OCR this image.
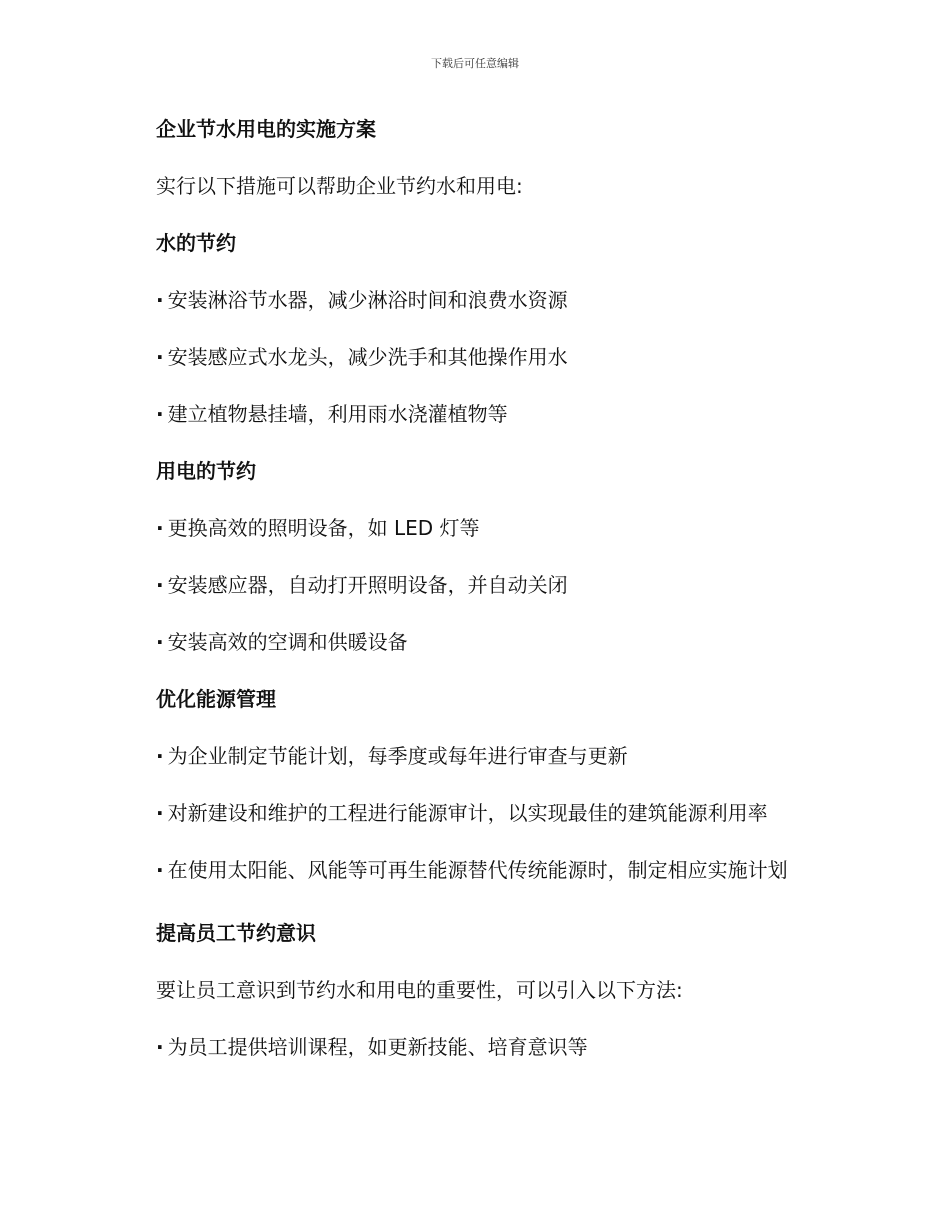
下载后可任意编辑

企业节水用电的实施方案

实行以下措施可以帮助企业节约水和用电:

水的节约

· 安装淋浴节水器，减少淋浴时间和浪费水资源

· 安装感应式水龙头，减少洗手和其他操作用水

· 建立植物悬挂墙，利用雨水浇灌植物等

用电的节约

· 更换高效的照明设备，如 LED 灯等

· 安装感应器，自动打开照明设备，并自动关闭

· 安装高效的空调和供暖设备

优化能源管理

· 为企业制定节能计划，每季度或每年进行审查与更新

· 对新建设和维护的工程进行能源审计，以实现最佳的建筑能源利用率

· 在使用太阳能、风能等可再生能源替代传统能源时，制定相应实施计划

提高员工节约意识

要让员工意识到节约水和用电的重要性，可以引入以下方法:

· 为员工提供培训课程，如更新技能、培育意识等
